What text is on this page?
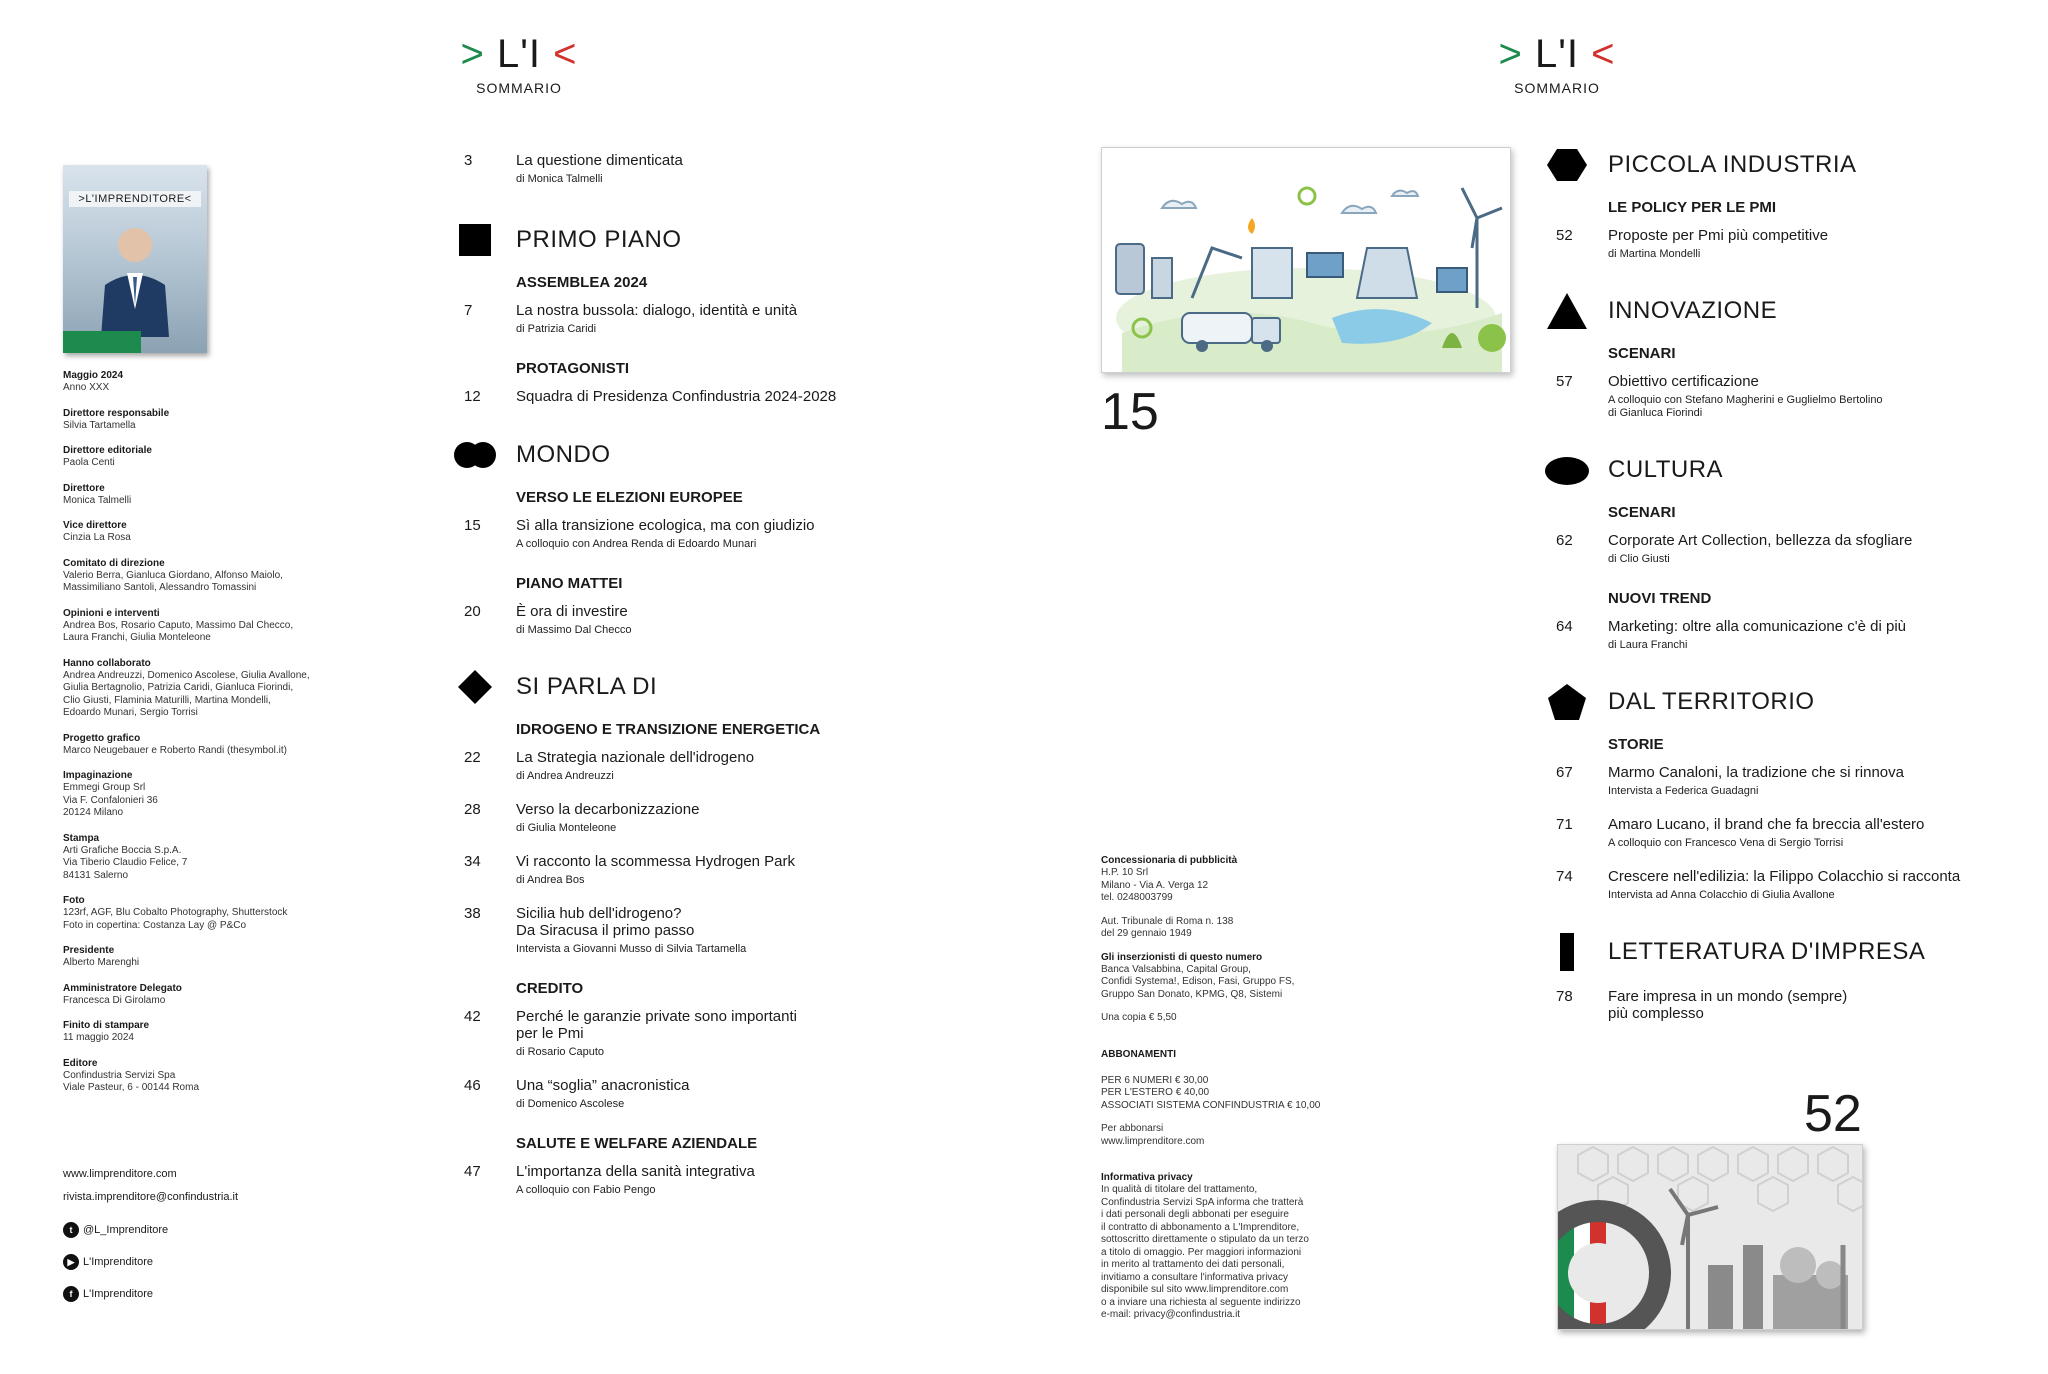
> L'I <
SOMMARIO
> L'I <
SOMMARIO
>L'IMPRENDITORE<
Maggio 2024
Anno XXX
Direttore responsabile
Silvia Tartamella
Direttore editoriale
Paola Centi
Direttore
Monica Talmelli
Vice direttore
Cinzia La Rosa
Comitato di direzione
Valerio Berra, Gianluca Giordano, Alfonso Maiolo,
Massimiliano Santoli, Alessandro Tomassini
Opinioni e interventi
Andrea Bos, Rosario Caputo, Massimo Dal Checco,
Laura Franchi, Giulia Monteleone
Hanno collaborato
Andrea Andreuzzi, Domenico Ascolese, Giulia Avallone,
Giulia Bertagnolio, Patrizia Caridi, Gianluca Fiorindi,
Clio Giusti, Flaminia Maturilli, Martina Mondelli,
Edoardo Munari, Sergio Torrisi
Progetto grafico
Marco Neugebauer e Roberto Randi (thesymbol.it)
Impaginazione
Emmegi Group Srl
Via F. Confalonieri 36
20124 Milano
Stampa
Arti Grafiche Boccia S.p.A.
Via Tiberio Claudio Felice, 7
84131 Salerno
Foto
123rf, AGF, Blu Cobalto Photography, Shutterstock
Foto in copertina: Costanza Lay @ P&Co
Presidente
Alberto Marenghi
Amministratore Delegato
Francesca Di Girolamo
Finito di stampare
11 maggio 2024
Editore
Confindustria Servizi Spa
Viale Pasteur, 6 - 00144 Roma
www.limprenditore.com
rivista.imprenditore@confindustria.it
t @L_Imprenditore
▶ L'Imprenditore
f L'Imprenditore
3	La questione dimenticata
di Monica Talmelli
PRIMO PIANO
ASSEMBLEA 2024
7	La nostra bussola: dialogo, identità e unità
di Patrizia Caridi
PROTAGONISTI
12	Squadra di Presidenza Confindustria 2024-2028
MONDO
VERSO LE ELEZIONI EUROPEE
15	Sì alla transizione ecologica, ma con giudizio
A colloquio con Andrea Renda di Edoardo Munari
PIANO MATTEI
20	È ora di investire
di Massimo Dal Checco
SI PARLA DI
IDROGENO E TRANSIZIONE ENERGETICA
22	La Strategia nazionale dell'idrogeno
di Andrea Andreuzzi
28	Verso la decarbonizzazione
di Giulia Monteleone
34	Vi racconto la scommessa Hydrogen Park
di Andrea Bos
38	Sicilia hub dell'idrogeno?
Da Siracusa il primo passo
Intervista a Giovanni Musso di Silvia Tartamella
CREDITO
42	Perché le garanzie private sono importanti
per le Pmi
di Rosario Caputo
46	Una “soglia” anacronistica
di Domenico Ascolese
SALUTE E WELFARE AZIENDALE
47	L'importanza della sanità integrativa
A colloquio con Fabio Pengo
15
Concessionaria di pubblicità
H.P. 10 Srl
Milano - Via A. Verga 12
tel. 0248003799
Aut. Tribunale di Roma n. 138
del 29 gennaio 1949
Gli inserzionisti di questo numero
Banca Valsabbina, Capital Group,
Confidi Systema!, Edison, Fasi, Gruppo FS,
Gruppo San Donato, KPMG, Q8, Sistemi
Una copia € 5,50
ABBONAMENTI
PER 6 NUMERI € 30,00
PER L'ESTERO € 40,00
ASSOCIATI SISTEMA CONFINDUSTRIA € 10,00
Per abbonarsi
www.limprenditore.com
Informativa privacy
In qualità di titolare del trattamento,
Confindustria Servizi SpA informa che tratterà
i dati personali degli abbonati per eseguire
il contratto di abbonamento a L'Imprenditore,
sottoscritto direttamente o stipulato da un terzo
a titolo di omaggio. Per maggiori informazioni
in merito al trattamento dei dati personali,
invitiamo a consultare l'informativa privacy
disponibile sul sito www.limprenditore.com
o a inviare una richiesta al seguente indirizzo
e-mail: privacy@confindustria.it
PICCOLA INDUSTRIA
LE POLICY PER LE PMI
52	Proposte per Pmi più competitive
di Martina Mondelli
INNOVAZIONE
SCENARI
57	Obiettivo certificazione
A colloquio con Stefano Magherini e Guglielmo Bertolino
di Gianluca Fiorindi
CULTURA
SCENARI
62	Corporate Art Collection, bellezza da sfogliare
di Clio Giusti
NUOVI TREND
64	Marketing: oltre alla comunicazione c'è di più
di Laura Franchi
DAL TERRITORIO
STORIE
67	Marmo Canaloni, la tradizione che si rinnova
Intervista a Federica Guadagni
71	Amaro Lucano, il brand che fa breccia all'estero
A colloquio con Francesco Vena di Sergio Torrisi
74	Crescere nell'edilizia: la Filippo Colacchio si racconta
Intervista ad Anna Colacchio di Giulia Avallone
LETTERATURA D'IMPRESA
78	Fare impresa in un mondo (sempre)
più complesso
52
